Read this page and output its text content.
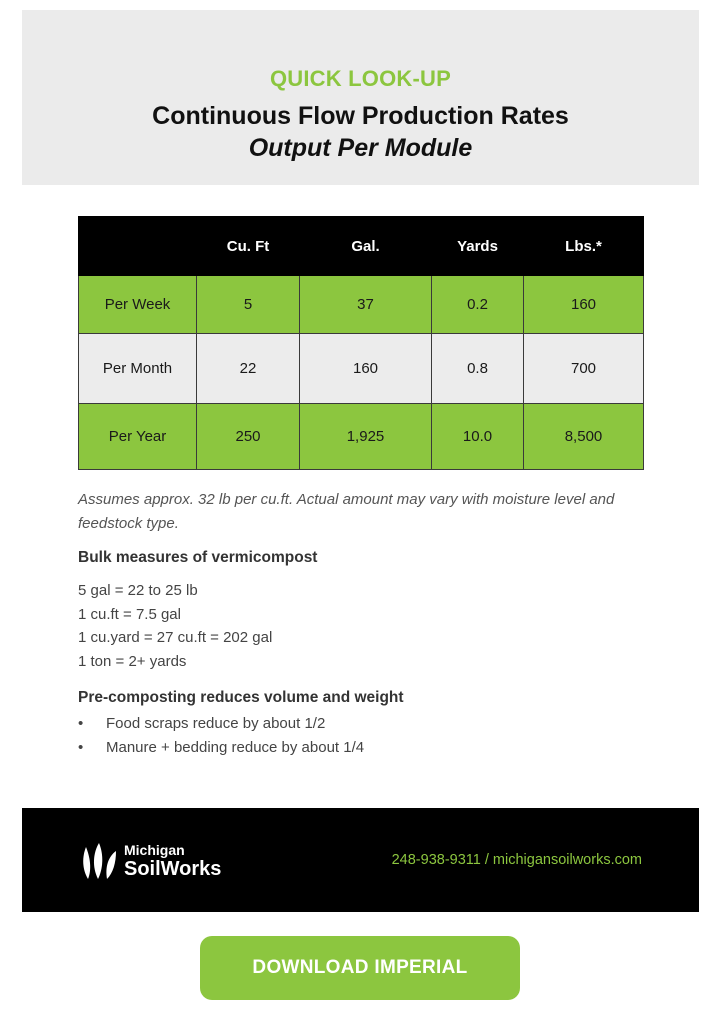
QUICK LOOK-UP
Continuous Flow Production Rates
Output Per Module
	Cu. Ft	Gal.	Yards	Lbs.*
Per Week	5	37	0.2	160
Per Month	22	160	0.8	700
Per Year	250	1,925	10.0	8,500
Assumes approx. 32 lb per cu.ft. Actual amount may vary with moisture level and feedstock type.
Bulk measures of vermicompost
5 gal = 22 to 25 lb
1 cu.ft = 7.5 gal
1 cu.yard = 27 cu.ft = 202 gal
1 ton = 2+ yards
Pre-composting reduces volume and weight
• Food scraps reduce by about 1/2
• Manure + bedding reduce by about 1/4
Michigan
SoilWorks	248-938-9311 / michigansoilworks.com
DOWNLOAD IMPERIAL
